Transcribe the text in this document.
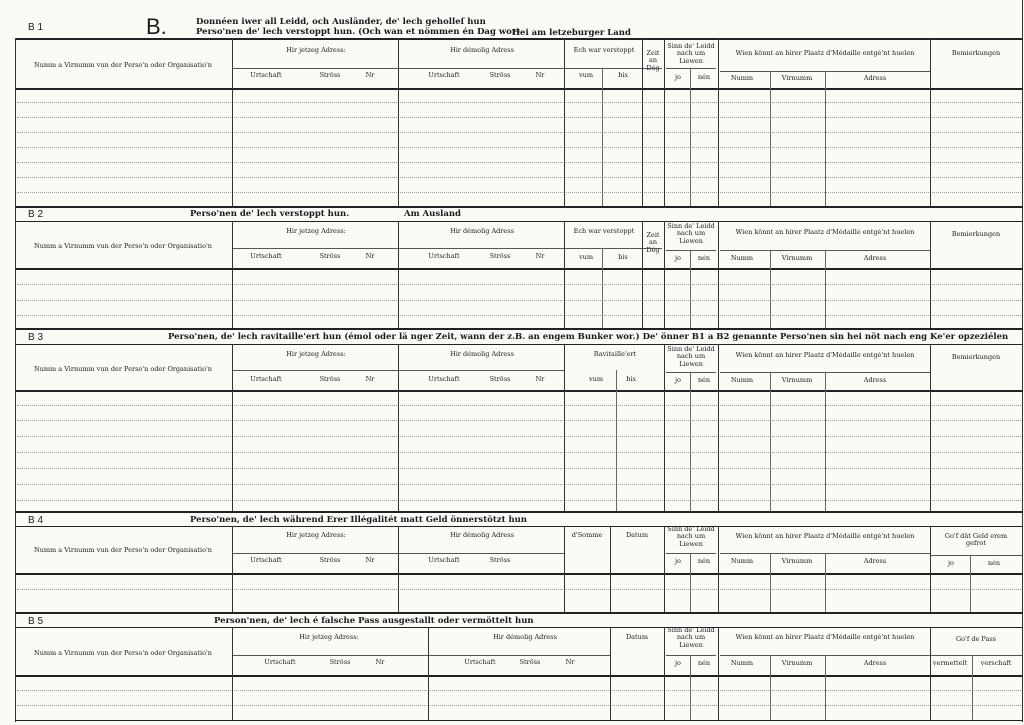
B 1	B.	Donnéen iwer all Leidd, och Ausländer, de' lech geholleſ hun
Perso'nen de' lech verstoppt hun. (Och wan et nömmen én Dag wor)
Hei am letzeburger Land
Numm a Virnumm vun der Perso'n oder Organisatio'n
Hir jetzeg Adress:
Urtschaft	Ströss	Nr
Hir démolig Adress
Urtschaft	Ströss	Nr
Ech war verstoppt
vum	bis
Zeit an Dég
Sinn de' Leidd nach um Liewen
jo	nén
Wien könnt an hirer Plaatz d'Médaille entgé'nt huelen
Numm	Virnumm	Adress
Bemierkungen
B 2	Perso'nen de' lech verstoppt hun.	Am Ausland
Numm a Virnumm vun der Perso'n oder Organisatio'n
Hir jetzeg Adress:
Urtschaft	Ströss	Nr
Hir démolig Adress
Urtschaft	Ströss	Nr
Ech war verstoppt
vum	bis
Zeit an Dég
Sinn de' Leidd nach um Liewen
jo	nén
Wien könnt an hirer Plaatz d'Médaille entgé'nt huelen
Numm	Virnumm	Adress
Bemierkungen
B 3	Perso'nen, de' lech ravitaille'ert hun (émol oder lä nger Zeit, wann der z.B. an engem Bunker wor.) De' önner B1 a B2 genannte Perso'nen sin hei nöt nach eng Ke'er opzeziélen
Numm a Virnumm vun der Perso'n oder Organisatio'n
Hir jetzeg Adress:
Urtschaft	Ströss	Nr
Hir démolig Adress
Urtschaft	Ströss	Nr
Ravitaille'ert
vum	bis
Sinn de' Leidd nach um Liewen
jo	nén
Wien könnt an hirer Plaatz d'Médaille entgé'nt huelen
Numm	Virnumm	Adress
Bemierkungen
B 4	Perso'nen, de' lech während Erer Illégalitét matt Geld önnerstötzt hun
Numm a Virnumm vun der Perso'n oder Organisatio'n
Hir jetzeg Adress:
Urtschaft	Ströss	Nr
Hir démolig Adress
Urtschaft	Ströss
d'Somme	Datum
Sinn de' Leidd nach um Liewen
jo	nén
Wien könnt an hirer Plaatz d'Médaille entgé'nt huelen
Numm	Virnumm	Adress
Go'f dät Geld erem gefrot
jo	nén
B 5	Person'nen, de' lech é falsche Pass ausgestallt oder vermöttelt hun
Numm a Virnumm vun der Perso'n oder Organisatio'n
Hir jetzeg Adress:
Urtschaft	Ströss	Nr
Hir démolig Adress
Urtschaft	Ströss	Nr
Datum
Sinn de' Leidd nach um Liewen
jo	nén
Wien könnt an hirer Plaatz d'Médaille entgé'nt huelen
Numm	Virnumm	Adress
Go'f de Pass
vermettelt	verschaft
